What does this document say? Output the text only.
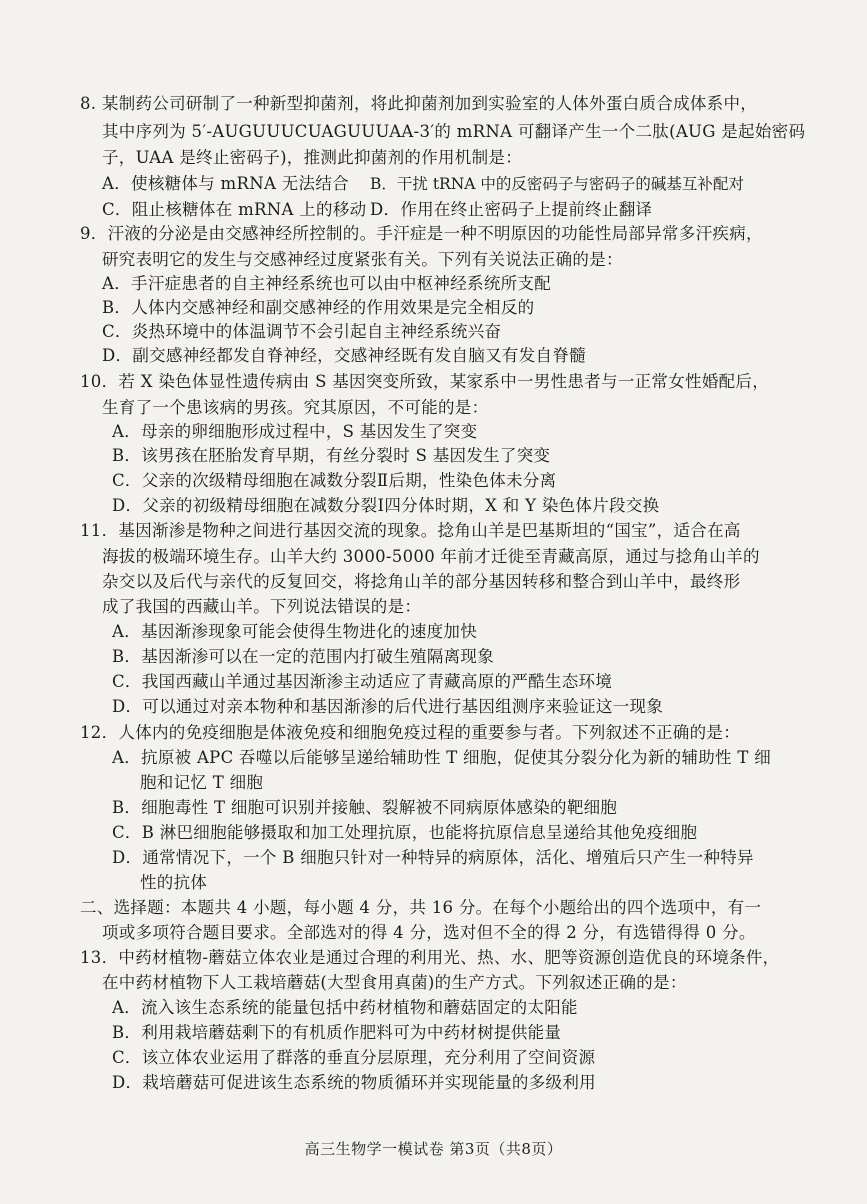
8. 某制药公司研制了一种新型抑菌剂，将此抑菌剂加到实验室的人体外蛋白质合成体系中，
其中序列为 5′-AUGUUUCUAGUUUAA-3′的 mRNA 可翻译产生一个二肽(AUG 是起始密码
子，UAA 是终止密码子)，推测此抑菌剂的作用机制是：
A．使核糖体与 mRNA 无法结合 B．干扰 tRNA 中的反密码子与密码子的碱基互补配对
C．阻止核糖体在 mRNA 上的移动 D．作用在终止密码子上提前终止翻译
9．汗液的分泌是由交感神经所控制的。手汗症是一种不明原因的功能性局部异常多汗疾病，
研究表明它的发生与交感神经过度紧张有关。下列有关说法正确的是：
A．手汗症患者的自主神经系统也可以由中枢神经系统所支配
B．人体内交感神经和副交感神经的作用效果是完全相反的
C．炎热环境中的体温调节不会引起自主神经系统兴奋
D．副交感神经都发自脊神经，交感神经既有发自脑又有发自脊髓
10．若 X 染色体显性遗传病由 S 基因突变所致，某家系中一男性患者与一正常女性婚配后，
生育了一个患该病的男孩。究其原因，不可能的是：
A．母亲的卵细胞形成过程中，S 基因发生了突变
B．该男孩在胚胎发育早期，有丝分裂时 S 基因发生了突变
C．父亲的次级精母细胞在减数分裂Ⅱ后期，性染色体未分离
D．父亲的初级精母细胞在减数分裂Ⅰ四分体时期，X 和 Y 染色体片段交换
11．基因渐渗是物种之间进行基因交流的现象。捻角山羊是巴基斯坦的“国宝”，适合在高
海拔的极端环境生存。山羊大约 3000-5000 年前才迁徙至青藏高原，通过与捻角山羊的
杂交以及后代与亲代的反复回交，将捻角山羊的部分基因转移和整合到山羊中，最终形
成了我国的西藏山羊。下列说法错误的是：
A．基因渐渗现象可能会使得生物进化的速度加快
B．基因渐渗可以在一定的范围内打破生殖隔离现象
C．我国西藏山羊通过基因渐渗主动适应了青藏高原的严酷生态环境
D．可以通过对亲本物种和基因渐渗的后代进行基因组测序来验证这一现象
12．人体内的免疫细胞是体液免疫和细胞免疫过程的重要参与者。下列叙述不正确的是：
A．抗原被 APC 吞噬以后能够呈递给辅助性 T 细胞，促使其分裂分化为新的辅助性 T 细
胞和记忆 T 细胞
B．细胞毒性 T 细胞可识别并接触、裂解被不同病原体感染的靶细胞
C．B 淋巴细胞能够摄取和加工处理抗原，也能将抗原信息呈递给其他免疫细胞
D．通常情况下，一个 B 细胞只针对一种特异的病原体，活化、增殖后只产生一种特异
性的抗体
二、选择题：本题共 4 小题，每小题 4 分，共 16 分。在每个小题给出的四个选项中，有一
项或多项符合题目要求。全部选对的得 4 分，选对但不全的得 2 分，有选错得得 0 分。
13．中药材植物-蘑菇立体农业是通过合理的利用光、热、水、肥等资源创造优良的环境条件，
在中药材植物下人工栽培蘑菇(大型食用真菌)的生产方式。下列叙述正确的是：
A．流入该生态系统的能量包括中药材植物和蘑菇固定的太阳能
B．利用栽培蘑菇剩下的有机质作肥料可为中药材树提供能量
C．该立体农业运用了群落的垂直分层原理，充分利用了空间资源
D．栽培蘑菇可促进该生态系统的物质循环并实现能量的多级利用
高三生物学一模试卷 第3页（共8页）
